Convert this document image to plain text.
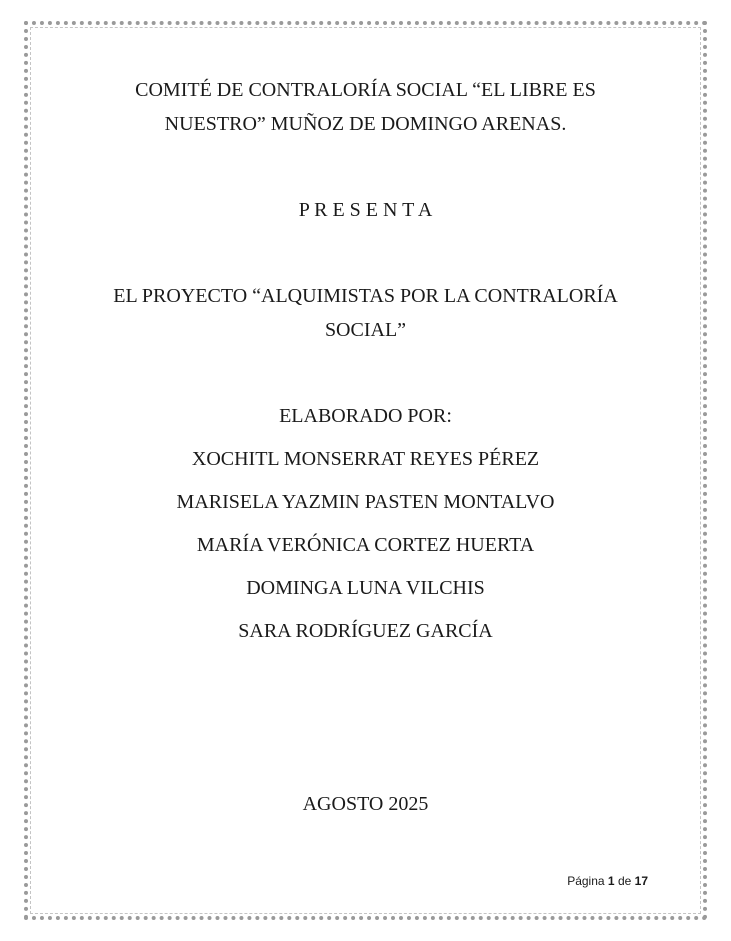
COMITÉ DE CONTRALORÍA SOCIAL “EL LIBRE ES
NUESTRO” MUÑOZ DE DOMINGO ARENAS.
P R E S E N T A
EL PROYECTO “ALQUIMISTAS POR LA CONTRALORÍA
SOCIAL”
ELABORADO POR:
XOCHITL MONSERRAT REYES PÉREZ
MARISELA YAZMIN PASTEN MONTALVO
MARÍA VERÓNICA CORTEZ HUERTA
DOMINGA LUNA VILCHIS
SARA RODRÍGUEZ GARCÍA
AGOSTO 2025
Página 1 de 17
